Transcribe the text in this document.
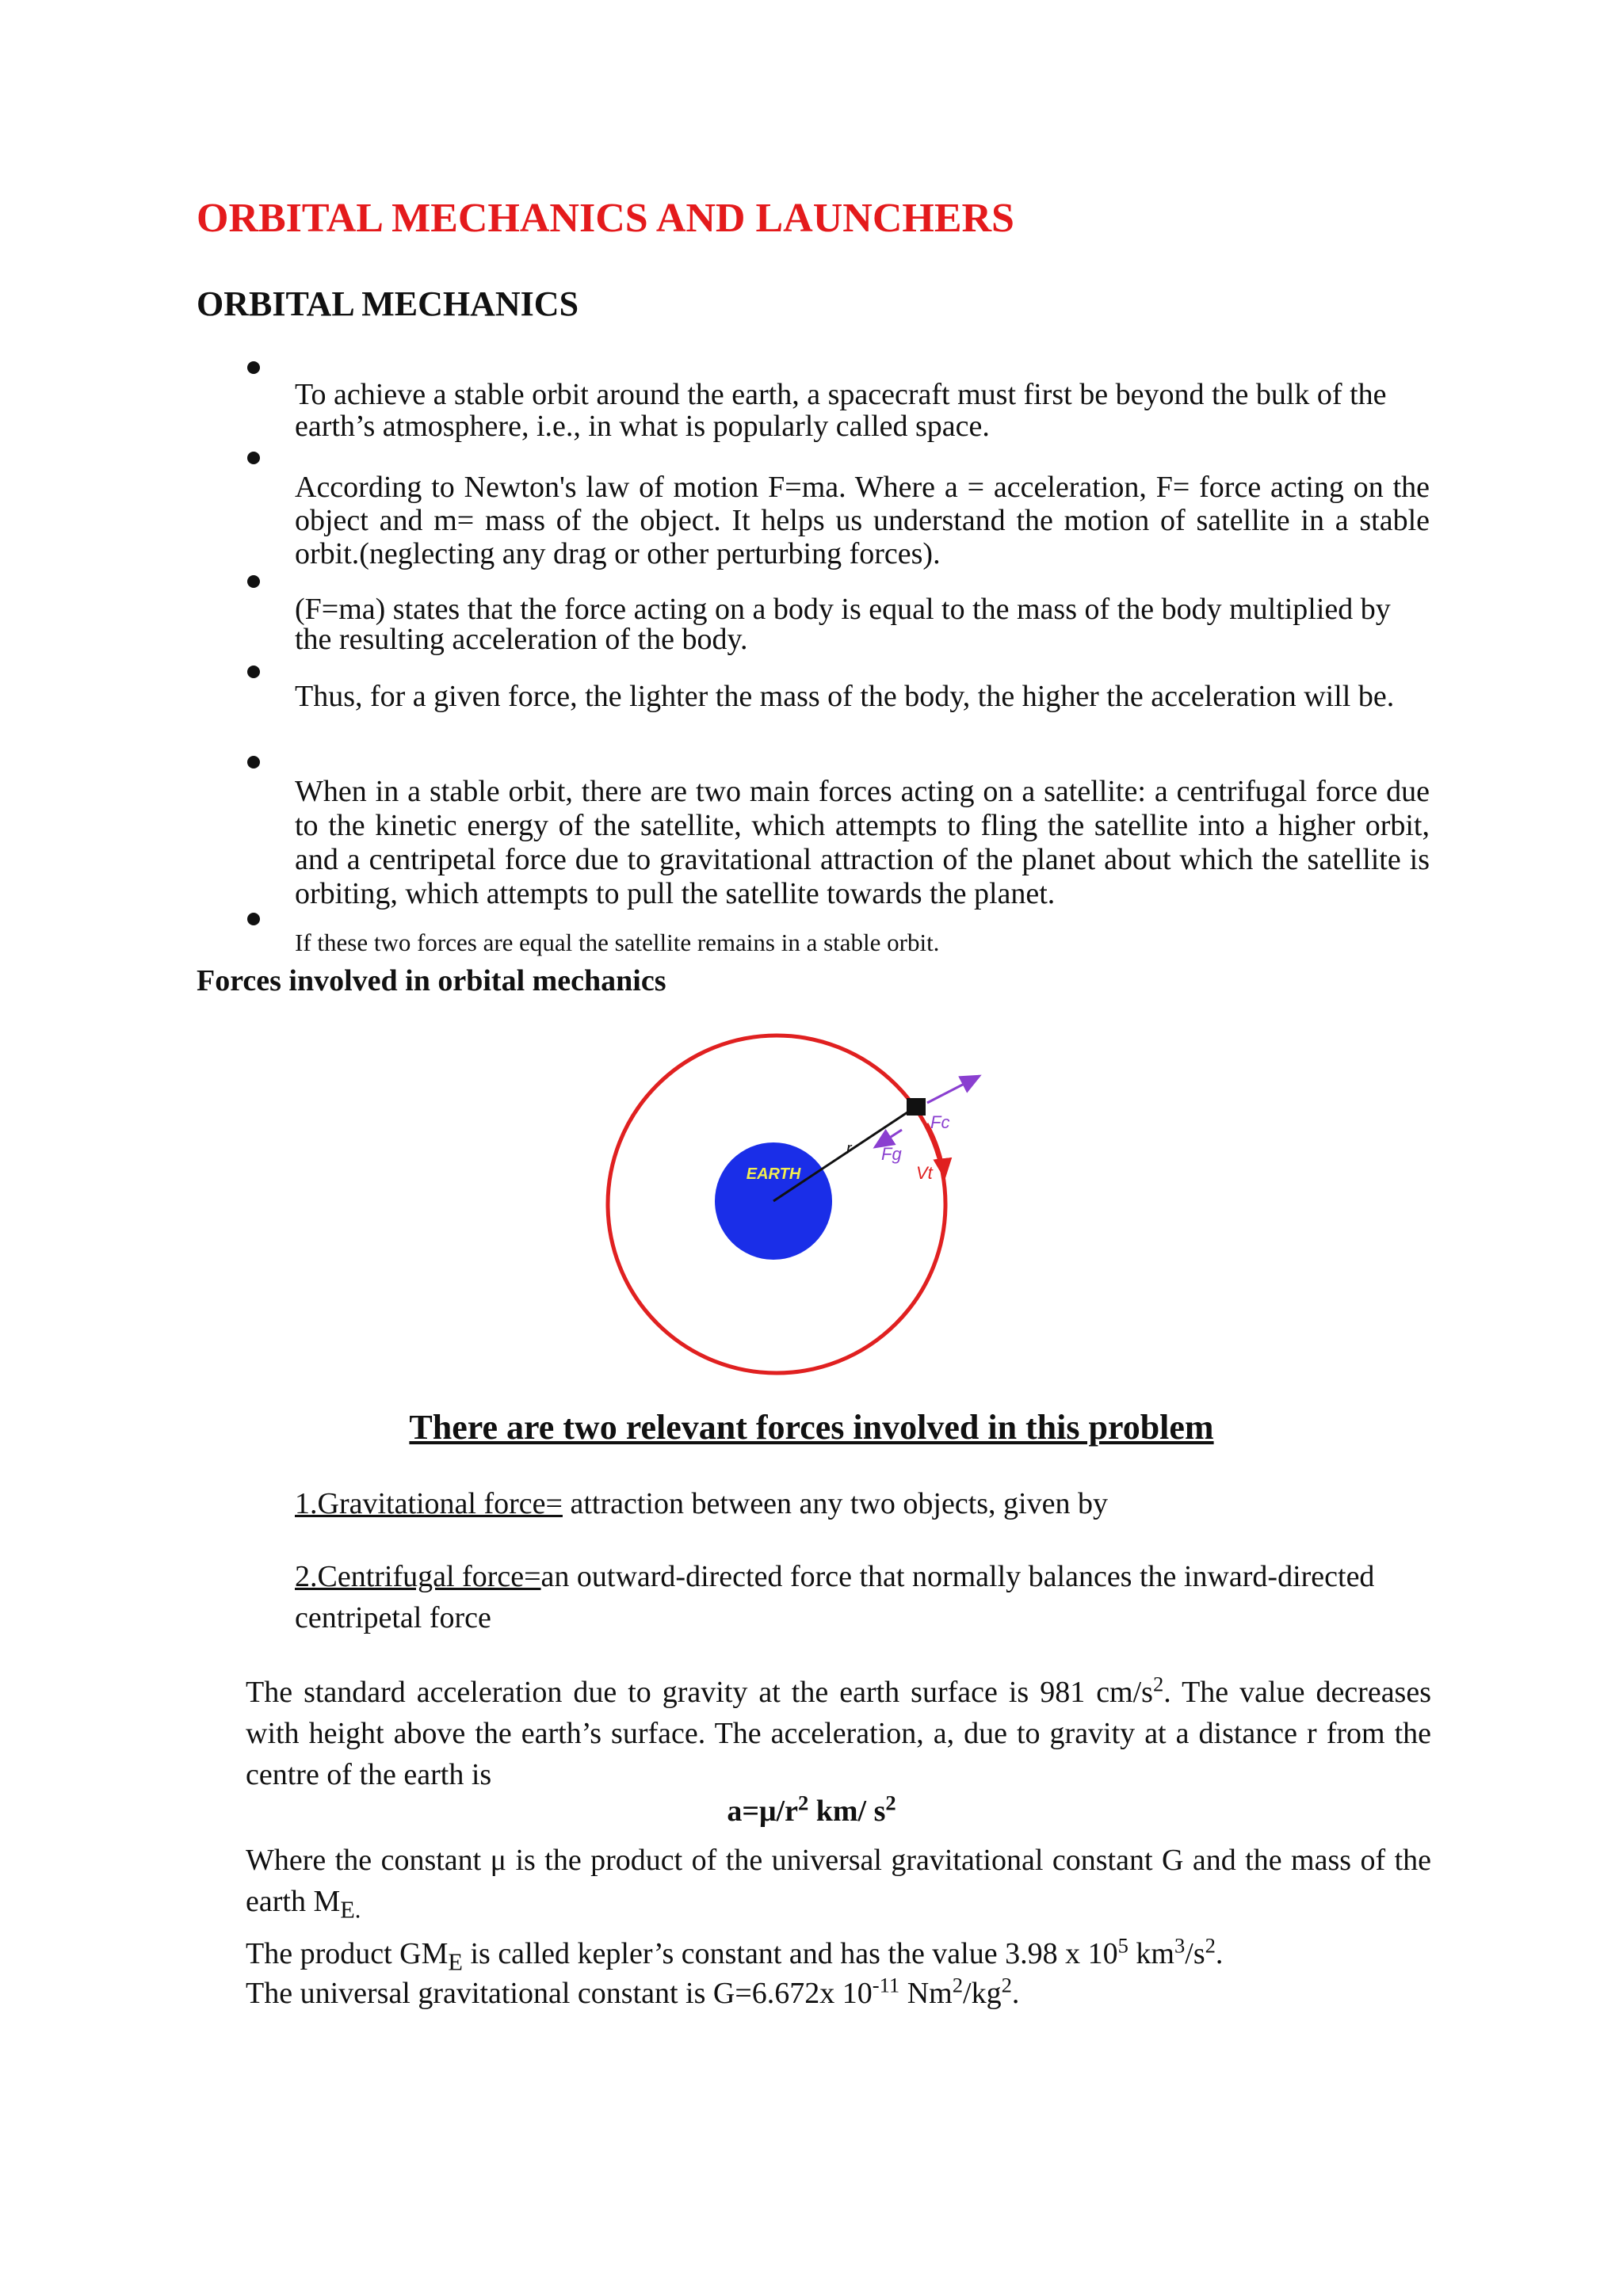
ORBITAL MECHANICS AND LAUNCHERS
ORBITAL MECHANICS
To achieve a stable orbit around the earth, a spacecraft must first be beyond the bulk of the earth’s atmosphere, i.e., in what is popularly called space.
According to Newton's law of motion F=ma. Where a = acceleration, F= force acting on the object and m= mass of the object. It helps us understand the motion of satellite in a stable orbit.(neglecting any drag or other perturbing forces).
(F=ma) states that the force acting on a body is equal to the mass of the body multiplied by the resulting acceleration of the body.
Thus, for a given force, the lighter the mass of the body, the higher the acceleration will be.
When in a stable orbit, there are two main forces acting on a satellite: a centrifugal force due to the kinetic energy of the satellite, which attempts to fling the satellite into a higher orbit, and a centripetal force due to gravitational attraction of the planet about which the satellite is orbiting, which attempts to pull the satellite towards the planet.
If these two forces are equal the satellite remains in a stable orbit.
Forces involved in orbital mechanics
EARTH
r Fg
Fc
Vt
There are two relevant forces involved in this problem
1.Gravitational force= attraction between any two objects, given by
2.Centrifugal force=an outward-directed force that normally balances the inward-directed centripetal force
The standard acceleration due to gravity at the earth surface is 981 $cm/s^2$. The value decreases with height above the earth’s surface. The acceleration, a, due to gravity at a distance r from the centre of the earth is
$a=\mu/r^2$ km/ $s^2$
Where the constant μ is the product of the universal gravitational constant G and the mass of the earth $M_{E.}$
The product $GM_E$ is called kepler’s constant and has the value 3.98 x $10^5$ $km^3/s^2$.
The universal gravitational constant is G=6.672x $10^{-11}$ $Nm^2/kg^2$.
